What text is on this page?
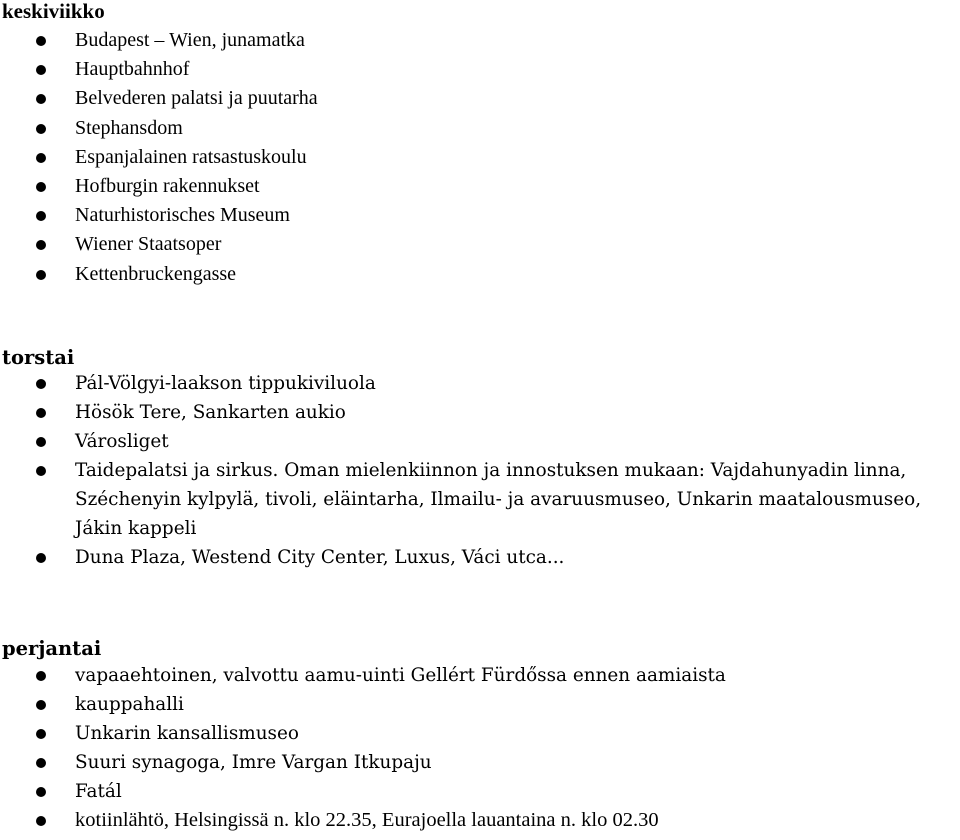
keskiviikko
Budapest – Wien, junamatka
Hauptbahnhof
Belvederen palatsi ja puutarha
Stephansdom
Espanjalainen ratsastuskoulu
Hofburgin rakennukset
Naturhistorisches Museum
Wiener Staatsoper
Kettenbruckengasse
torstai
Pál-Völgyi-laakson tippukiviluola
Hösök Tere, Sankarten aukio
Városliget
Taidepalatsi ja sirkus. Oman mielenkiinnon ja innostuksen mukaan: Vajdahunyadin linna, Széchenyin kylpylä, tivoli, eläintarha, Ilmailu- ja avaruusmuseo, Unkarin maatalousmuseo, Jákin kappeli
Duna Plaza, Westend City Center, Luxus, Váci utca...
perjantai
vapaaehtoinen, valvottu aamu-uinti Gellért Fürdőssa ennen aamiaista
kauppahalli
Unkarin kansallismuseo
Suuri synagoga, Imre Vargan Itkupaju
Fatál
kotiinlähtö, Helsingissä n. klo 22.35, Eurajoella lauantaina n. klo 02.30
